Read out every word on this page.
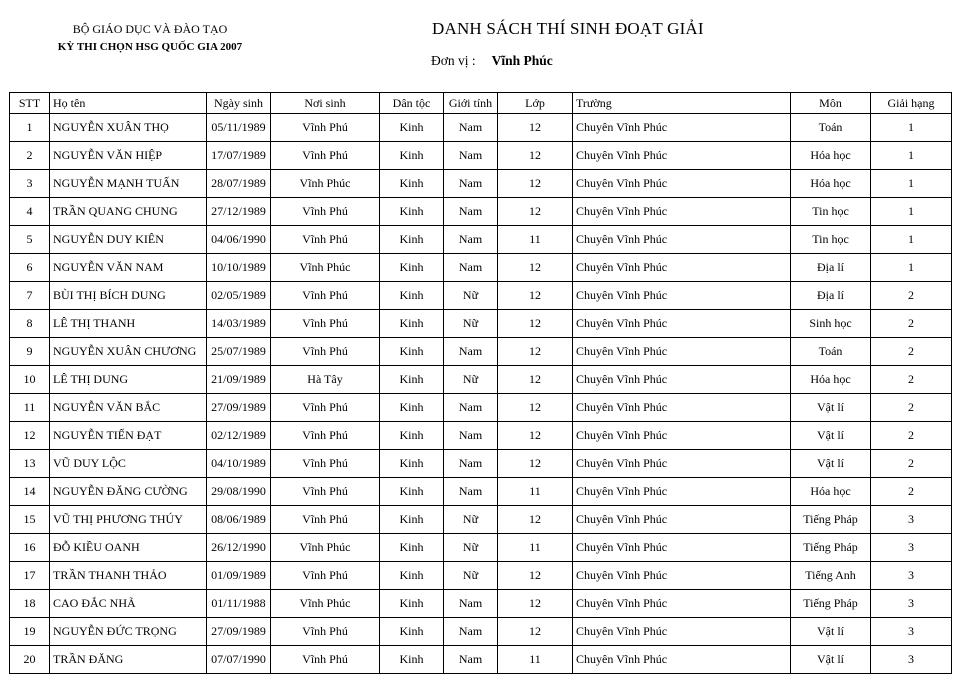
BỘ GIÁO DỤC VÀ ĐÀO TẠO
KỲ THI CHỌN HSG QUỐC GIA 2007
DANH SÁCH THÍ SINH ĐOẠT GIẢI
Đơn vị : Vĩnh Phúc
STT	Họ tên	Ngày sinh	Nơi sinh	Dân tộc	Giới tính	Lớp	Trường	Môn	Giải hạng
1	NGUYỄN XUÂN THỌ	05/11/1989	Vĩnh Phú	Kinh	Nam	12	Chuyên Vĩnh Phúc	Toán	1
2	NGUYỄN VĂN HIỆP	17/07/1989	Vĩnh Phú	Kinh	Nam	12	Chuyên Vĩnh Phúc	Hóa học	1
3	NGUYỄN MẠNH TUẤN	28/07/1989	Vĩnh Phúc	Kinh	Nam	12	Chuyên Vĩnh Phúc	Hóa học	1
4	TRẦN QUANG CHUNG	27/12/1989	Vĩnh Phú	Kinh	Nam	12	Chuyên Vĩnh Phúc	Tin học	1
5	NGUYỄN DUY KIÊN	04/06/1990	Vĩnh Phú	Kinh	Nam	11	Chuyên Vĩnh Phúc	Tin học	1
6	NGUYỄN VĂN NAM	10/10/1989	Vĩnh Phúc	Kinh	Nam	12	Chuyên Vĩnh Phúc	Địa lí	1
7	BÙI THỊ BÍCH DUNG	02/05/1989	Vĩnh Phú	Kinh	Nữ	12	Chuyên Vĩnh Phúc	Địa lí	2
8	LÊ THỊ THANH	14/03/1989	Vĩnh Phú	Kinh	Nữ	12	Chuyên Vĩnh Phúc	Sinh học	2
9	NGUYỄN XUÂN CHƯƠNG	25/07/1989	Vĩnh Phú	Kinh	Nam	12	Chuyên Vĩnh Phúc	Toán	2
10	LÊ THỊ DUNG	21/09/1989	Hà Tây	Kinh	Nữ	12	Chuyên Vĩnh Phúc	Hóa học	2
11	NGUYỄN VĂN BẮC	27/09/1989	Vĩnh Phú	Kinh	Nam	12	Chuyên Vĩnh Phúc	Vật lí	2
12	NGUYỄN TIẾN ĐẠT	02/12/1989	Vĩnh Phú	Kinh	Nam	12	Chuyên Vĩnh Phúc	Vật lí	2
13	VŨ DUY LỘC	04/10/1989	Vĩnh Phú	Kinh	Nam	12	Chuyên Vĩnh Phúc	Vật lí	2
14	NGUYỄN ĐĂNG CƯỜNG	29/08/1990	Vĩnh Phú	Kinh	Nam	11	Chuyên Vĩnh Phúc	Hóa học	2
15	VŨ THỊ PHƯƠNG THÚY	08/06/1989	Vĩnh Phú	Kinh	Nữ	12	Chuyên Vĩnh Phúc	Tiếng Pháp	3
16	ĐỖ KIỀU OANH	26/12/1990	Vĩnh Phúc	Kinh	Nữ	11	Chuyên Vĩnh Phúc	Tiếng Pháp	3
17	TRẦN THANH THẢO	01/09/1989	Vĩnh Phú	Kinh	Nữ	12	Chuyên Vĩnh Phúc	Tiếng Anh	3
18	CAO ĐẮC NHÃ	01/11/1988	Vĩnh Phúc	Kinh	Nam	12	Chuyên Vĩnh Phúc	Tiếng Pháp	3
19	NGUYỄN ĐỨC TRỌNG	27/09/1989	Vĩnh Phú	Kinh	Nam	12	Chuyên Vĩnh Phúc	Vật lí	3
20	TRẦN ĐĂNG	07/07/1990	Vĩnh Phú	Kinh	Nam	11	Chuyên Vĩnh Phúc	Vật lí	3
